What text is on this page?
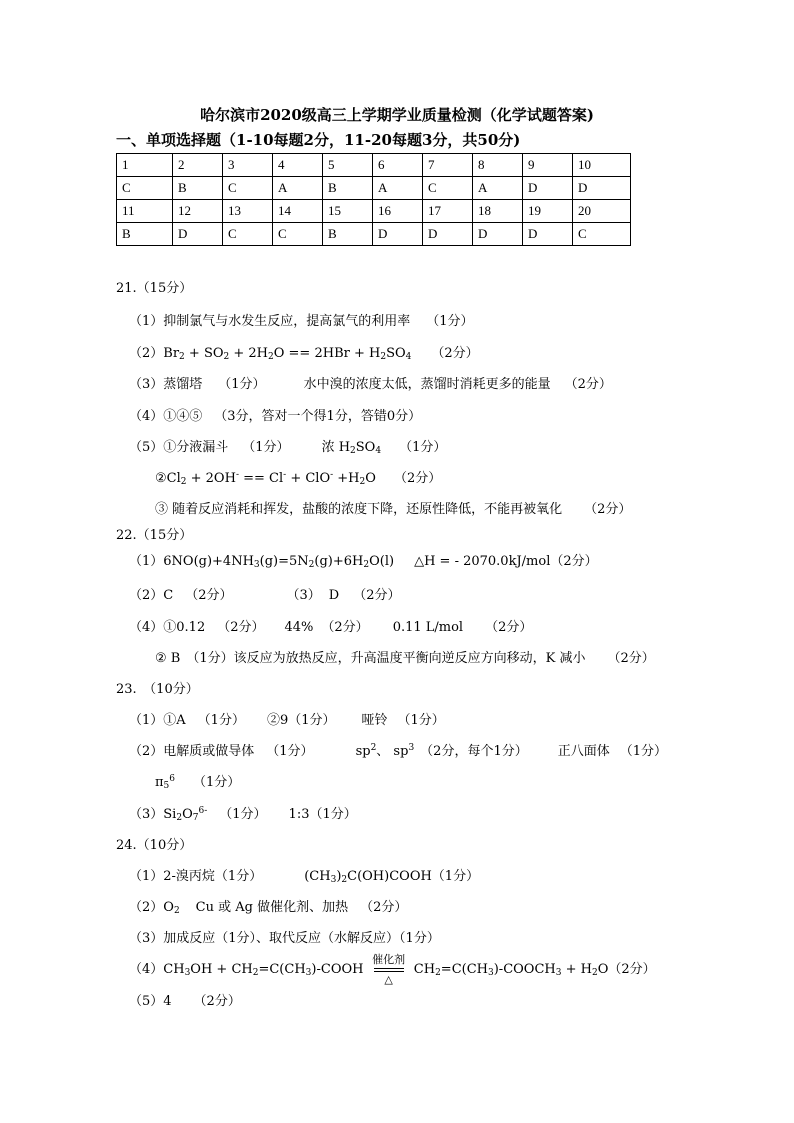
哈尔滨市2020级高三上学期学业质量检测（化学试题答案)
一、单项选择题（1-10每题2分，11-20每题3分，共50分)
1	2	3	4	5	6	7	8	9	10
C	B	C	A	B	A	C	A	D	D
11	12	13	14	15	16	17	18	19	20
B	D	C	C	B	D	D	D	D	C
21.（15分）
（1）抑制氯气与水发生反应，提高氯气的利用率 （1分）
$(2)Br_2 + SO_2 + 2H_2O == 2HBr + H_2SO_4$ （2分）
（3）蒸馏塔 （1分）	水中溴的浓度太低，蒸馏时消耗更多的能量 （2分）
（4）①④⑤ （3分，答对一个得1分，答错0分）
（5）①分液漏斗 （1分） 浓 $H_2SO_4$ （1分）
$②Cl_2 + 2OH^- == Cl^- + ClO^- +H_2O$ （2分）
③ 随着反应消耗和挥发，盐酸的浓度下降，还原性降低，不能再被氧化 （2分）
22.（15分）
$(1)6NO(g)+4NH_3(g)=5N_2(g)+6H_2O(l)$ △H = - 2070.0kJ/mol（2分）
（2）C （2分）	（3） D （2分）
（4）①0.12 （2分） 44% （2分） 0.11 L/mol （2分）
② B （1分）该反应为放热反应，升高温度平衡向逆反应方向移动，K 减小 （2分）
23.　（10分）
（1）①A （1分） ②9（1分） 哑铃 （1分）
（2）电解质或做导体 （1分）	$sp^2$、 $sp^3$ （2分，每个1分） 正八面体 （1分）
$\pi_5^6$ （1分）
$(3)Si_2O_7^{6-}$ （1分） 1:3（1分）
24.（10分）
（1）2-溴丙烷（1分）	$(CH_3)_2C(OH)COOH(1$分）
$(2)O_2$ Cu 或 Ag 做催化剂、加热 （2分）
（3）加成反应（1分）、取代反应（水解反应）（1分）
$(4)CH_3OH$ + $CH_2=C(CH_3)$-COOH
催化剂
△
$CH_2=C(CH_3)-COOCH_3 + H_2O(2$分）
（5）4 （2分）
